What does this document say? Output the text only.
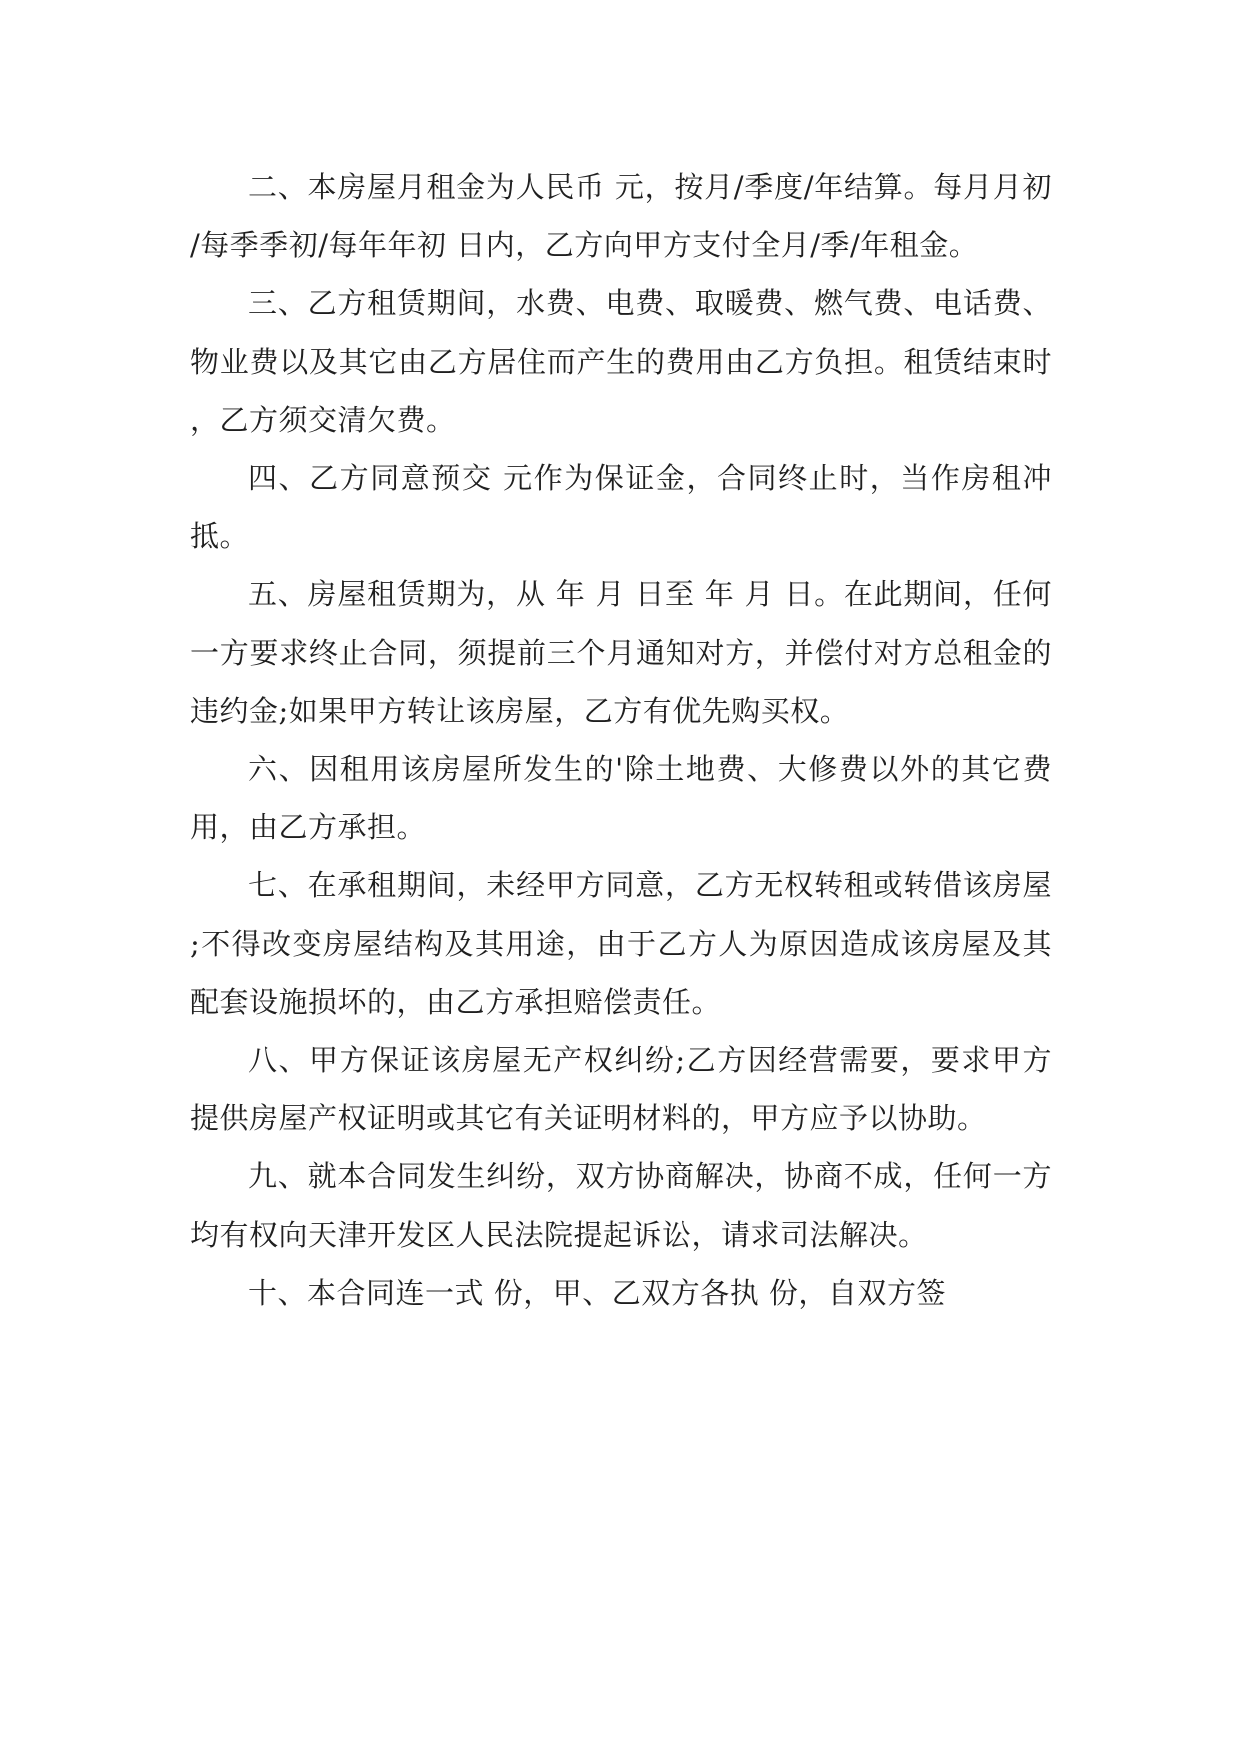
二、本房屋月租金为人民币 元，按月/季度/年结算。每月月初/每季季初/每年年初 日内，乙方向甲方支付全月/季/年租金。

三、乙方租赁期间，水费、电费、取暖费、燃气费、电话费、物业费以及其它由乙方居住而产生的费用由乙方负担。租赁结束时，乙方须交清欠费。

四、乙方同意预交 元作为保证金，合同终止时，当作房租冲抵。

五、房屋租赁期为，从 年 月 日至 年 月 日。在此期间，任何一方要求终止合同，须提前三个月通知对方，并偿付对方总租金的违约金;如果甲方转让该房屋，乙方有优先购买权。

六、因租用该房屋所发生的'除土地费、大修费以外的其它费用，由乙方承担。

七、在承租期间，未经甲方同意，乙方无权转租或转借该房屋;不得改变房屋结构及其用途，由于乙方人为原因造成该房屋及其配套设施损坏的，由乙方承担赔偿责任。

八、甲方保证该房屋无产权纠纷;乙方因经营需要，要求甲方提供房屋产权证明或其它有关证明材料的，甲方应予以协助。

九、就本合同发生纠纷，双方协商解决，协商不成，任何一方均有权向天津开发区人民法院提起诉讼，请求司法解决。

十、本合同连一式 份，甲、乙双方各执 份，自双方签
